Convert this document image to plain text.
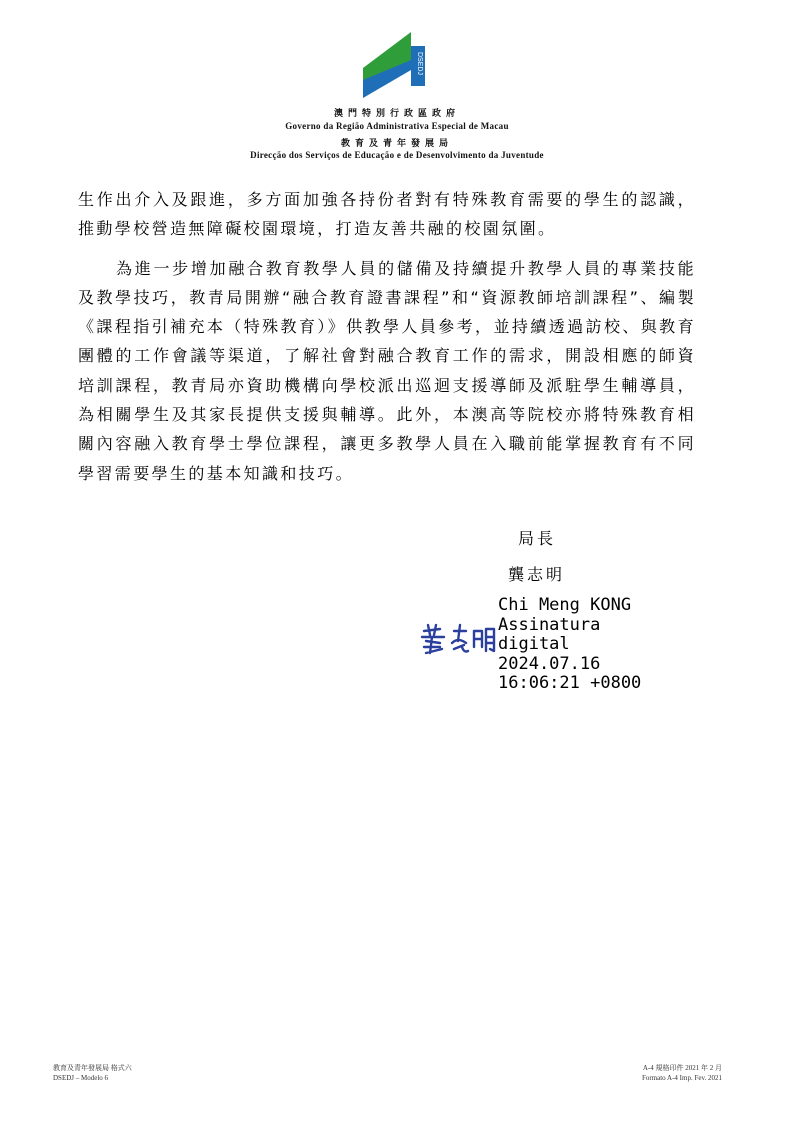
DSEDJ
澳門特別行政區政府
Governo da Região Administrativa Especial de Macau
教育及青年發展局
Direcção dos Serviços de Educação e de Desenvolvimento da Juventude

生作出介入及跟進，多方面加強各持份者對有特殊教育需要的學生的認識，推動學校營造無障礙校園環境，打造友善共融的校園氛圍。

為進一步增加融合教育教學人員的儲備及持續提升教學人員的專業技能及教學技巧，教青局開辦“融合教育證書課程”和“資源教師培訓課程”、編製《課程指引補充本（特殊教育）》供教學人員參考，並持續透過訪校、與教育團體的工作會議等渠道，了解社會對融合教育工作的需求，開設相應的師資培訓課程，教青局亦資助機構向學校派出巡迴支援導師及派駐學生輔導員，為相關學生及其家長提供支援與輔導。此外，本澳高等院校亦將特殊教育相關內容融入教育學士學位課程，讓更多教學人員在入職前能掌握教育有不同學習需要學生的基本知識和技巧。

局長
龔志明
Chi Meng KONG
Assinatura
digital
2024.07.16
16:06:21 +0800
教育及青年發展局 格式六
DSEDJ – Modelo 6
A-4 規格印件 2021 年 2 月
Formato A-4 Imp. Fev. 2021
